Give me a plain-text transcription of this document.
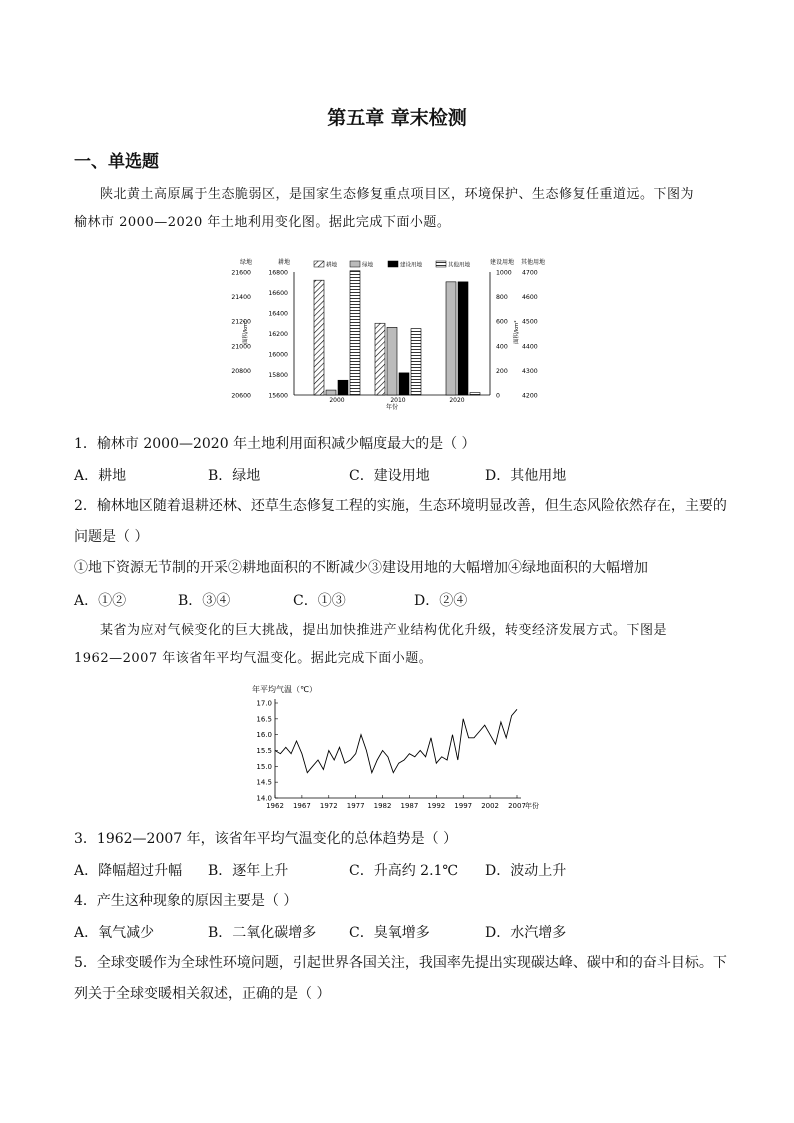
第五章 章末检测
一、单选题
陕北黄土高原属于生态脆弱区，是国家生态修复重点项目区，环境保护、生态修复任重道远。下图为
榆林市 2000—2020 年土地利用变化图。据此完成下面小题。
20600
20800
21000
21200
21400
21600
15600
15800
16000
16200
16400
16600
16800
0
200
400
600
800
1000
4200
4300
4400
4500
4600
4700
绿地	耕地	建设用地 其他用地
面积/km²	面积/km²
耕地	绿地	建设用地	其他用地
2000	2010	2020
年份
1．榆林市 2000—2020 年土地利用面积减少幅度最大的是（ ）
A．耕地	B．绿地	C．建设用地	D．其他用地
2．榆林地区随着退耕还林、还草生态修复工程的实施，生态环境明显改善，但生态风险依然存在，主要的
问题是（ ）
①地下资源无节制的开采②耕地面积的不断减少③建设用地的大幅增加④绿地面积的大幅增加
A．①②	B．③④	C．①③	D．②④
某省为应对气候变化的巨大挑战，提出加快推进产业结构优化升级，转变经济发展方式。下图是
1962—2007 年该省年平均气温变化。据此完成下面小题。
年平均气温（℃）
14.0
14.5
15.0
15.5
16.0
16.5
17.0
1962 1967 1972 1977 1982 1987 1992 1997 2002 2007 年份
3．1962—2007 年，该省年平均气温变化的总体趋势是（ ）
A．降幅超过升幅 B．逐年上升	C．升高约 2.1℃ D．波动上升
4．产生这种现象的原因主要是（ ）
A．氧气减少	B．二氧化碳增多 C．臭氧增多	D．水汽增多
5．全球变暖作为全球性环境问题，引起世界各国关注，我国率先提出实现碳达峰、碳中和的奋斗目标。下
列关于全球变暖相关叙述，正确的是（ ）
